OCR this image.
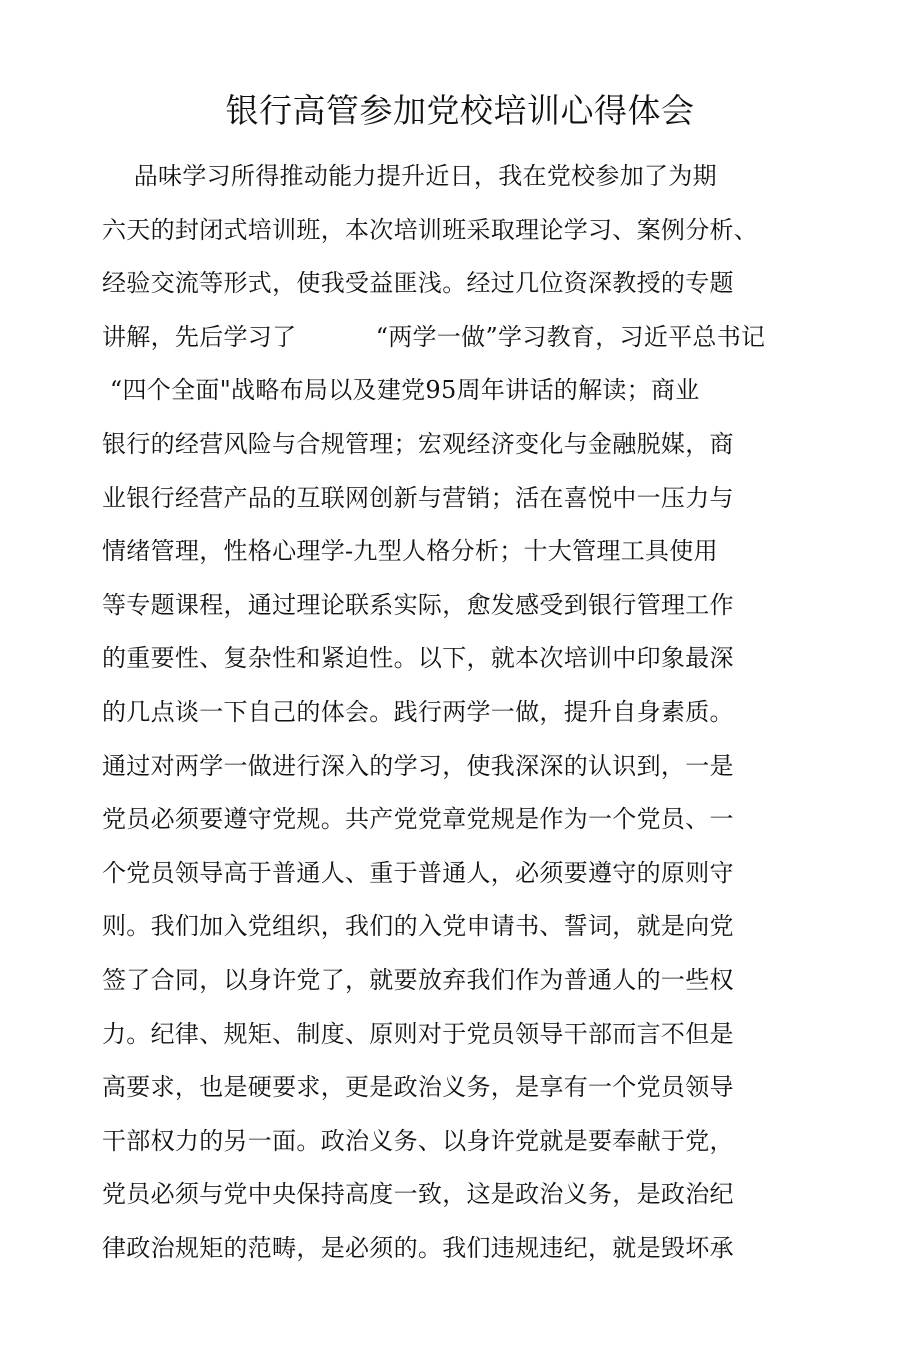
银行高管参加党校培训心得体会
品味学习所得推动能力提升近日，我在党校参加了为期
六天的封闭式培训班，本次培训班采取理论学习、案例分析、
经验交流等形式，使我受益匪浅。经过几位资深教授的专题
讲解，先后学习了          “两学一做”学习教育，习近平总书记
“四个全面"战略布局以及建党95周年讲话的解读；商业
银行的经营风险与合规管理；宏观经济变化与金融脱媒，商
业银行经营产品的互联网创新与营销；活在喜悦中一压力与
情绪管理，性格心理学-九型人格分析；十大管理工具使用
等专题课程，通过理论联系实际，愈发感受到银行管理工作
的重要性、复杂性和紧迫性。以下，就本次培训中印象最深
的几点谈一下自己的体会。践行两学一做，提升自身素质。
通过对两学一做进行深入的学习，使我深深的认识到，一是
党员必须要遵守党规。共产党党章党规是作为一个党员、一
个党员领导高于普通人、重于普通人，必须要遵守的原则守
则。我们加入党组织，我们的入党申请书、誓词，就是向党
签了合同，以身许党了，就要放弃我们作为普通人的一些权
力。纪律、规矩、制度、原则对于党员领导干部而言不但是
高要求，也是硬要求，更是政治义务，是享有一个党员领导
干部权力的另一面。政治义务、以身许党就是要奉献于党，
党员必须与党中央保持高度一致，这是政治义务，是政治纪
律政治规矩的范畴，是必须的。我们违规违纪，就是毁坏承
